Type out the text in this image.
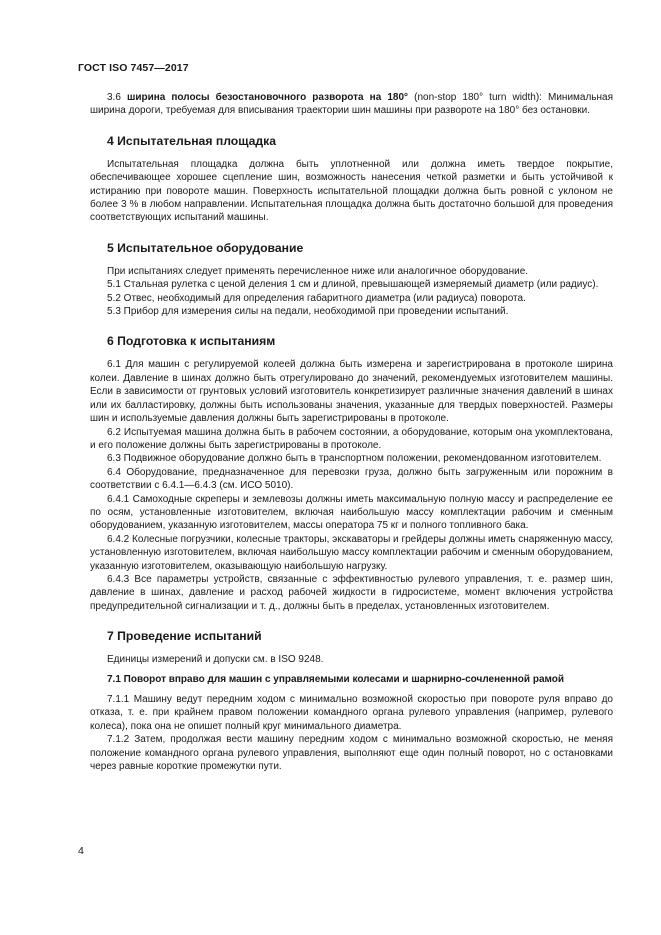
ГОСТ ISO 7457—2017

3.6 ширина полосы безостановочного разворота на 180° (non-stop 180° turn width): Минимальная ширина дороги, требуемая для вписывания траектории шин машины при развороте на 180° без остановки.

4 Испытательная площадка

Испытательная площадка должна быть уплотненной или должна иметь твердое покрытие, обеспечивающее хорошее сцепление шин, возможность нанесения четкой разметки и быть устойчивой к истиранию при повороте машин. Поверхность испытательной площадки должна быть ровной с уклоном не более 3 % в любом направлении. Испытательная площадка должна быть достаточно большой для проведения соответствующих испытаний машины.

5 Испытательное оборудование

При испытаниях следует применять перечисленное ниже или аналогичное оборудование.

5.1 Стальная рулетка с ценой деления 1 см и длиной, превышающей измеряемый диаметр (или радиус).

5.2 Отвес, необходимый для определения габаритного диаметра (или радиуса) поворота.

5.3 Прибор для измерения силы на педали, необходимой при проведении испытаний.

6 Подготовка к испытаниям

6.1 Для машин с регулируемой колеей должна быть измерена и зарегистрирована в протоколе ширина колеи. Давление в шинах должно быть отрегулировано до значений, рекомендуемых изготовителем машины. Если в зависимости от грунтовых условий изготовитель конкретизирует различные значения давлений в шинах или их балластировку, должны быть использованы значения, указанные для твердых поверхностей. Размеры шин и используемые давления должны быть зарегистрированы в протоколе.

6.2 Испытуемая машина должна быть в рабочем состоянии, а оборудование, которым она укомплектована, и его положение должны быть зарегистрированы в протоколе.

6.3 Подвижное оборудование должно быть в транспортном положении, рекомендованном изготовителем.

6.4 Оборудование, предназначенное для перевозки груза, должно быть загруженным или порожним в соответствии с 6.4.1—6.4.3 (см. ИСО 5010).

6.4.1 Самоходные скреперы и землевозы должны иметь максимальную полную массу и распределение ее по осям, установленные изготовителем, включая наибольшую массу комплектации рабочим и сменным оборудованием, указанную изготовителем, массы оператора 75 кг и полного топливного бака.

6.4.2 Колесные погрузчики, колесные тракторы, экскаваторы и грейдеры должны иметь снаряженную массу, установленную изготовителем, включая наибольшую массу комплектации рабочим и сменным оборудованием, указанную изготовителем, оказывающую наибольшую нагрузку.

6.4.3 Все параметры устройств, связанные с эффективностью рулевого управления, т. е. размер шин, давление в шинах, давление и расход рабочей жидкости в гидросистеме, момент включения устройства предупредительной сигнализации и т. д., должны быть в пределах, установленных изготовителем.

7 Проведение испытаний

Единицы измерений и допуски см. в ISO 9248.

7.1 Поворот вправо для машин с управляемыми колесами и шарнирно-сочлененной рамой

7.1.1 Машину ведут передним ходом с минимально возможной скоростью при повороте руля вправо до отказа, т. е. при крайнем правом положении командного органа рулевого управления (например, рулевого колеса), пока она не опишет полный круг минимального диаметра.

7.1.2 Затем, продолжая вести машину передним ходом с минимально возможной скоростью, не меняя положение командного органа рулевого управления, выполняют еще один полный поворот, но с остановками через равные короткие промежутки пути.

4
